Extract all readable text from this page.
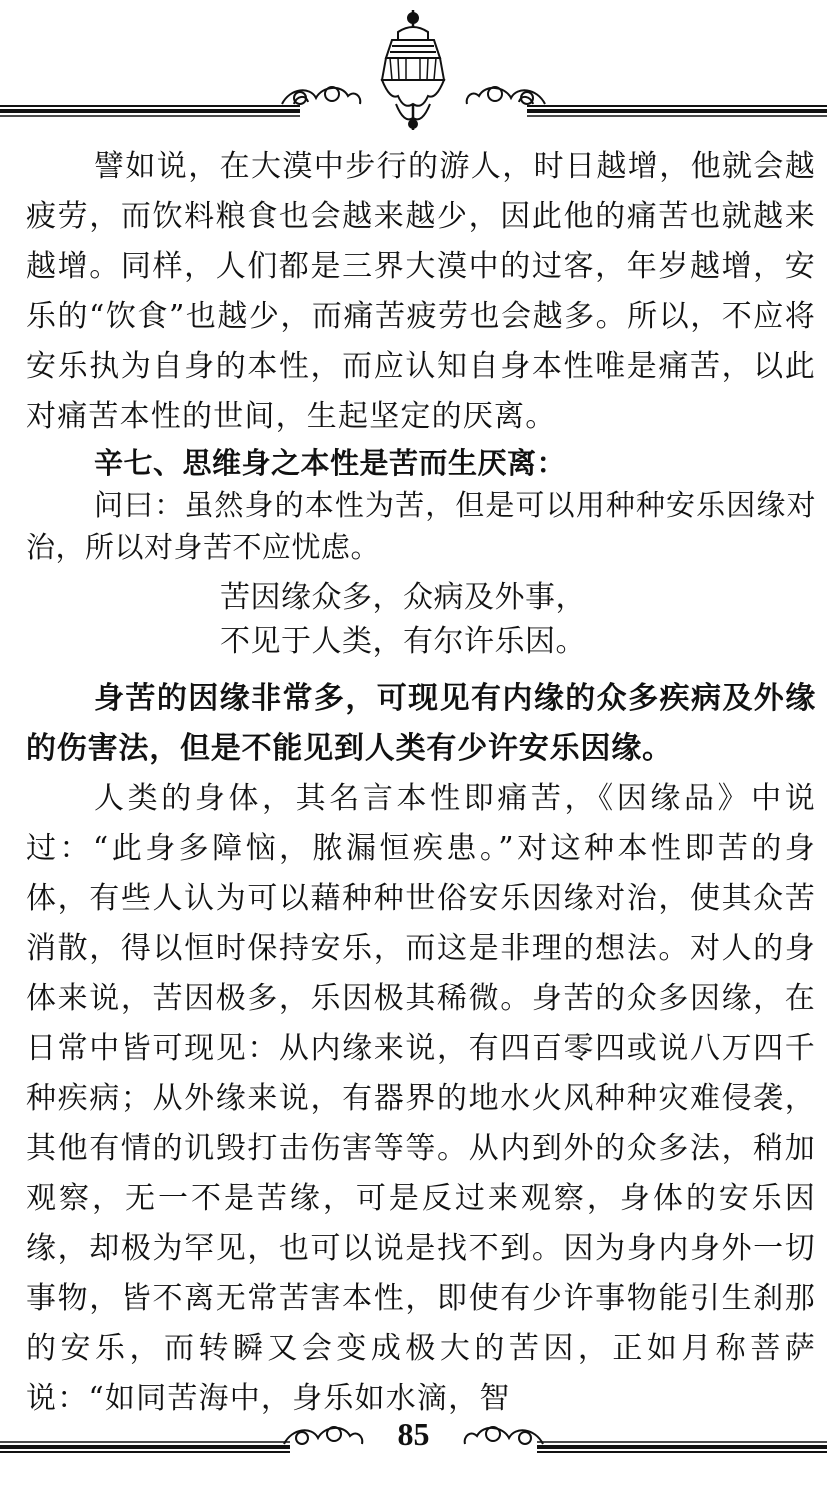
譬如说，在大漠中步行的游人，时日越增，他就会越疲劳，而饮料粮食也会越来越少，因此他的痛苦也就越来越增。同样，人们都是三界大漠中的过客，年岁越增，安乐的“饮食”也越少，而痛苦疲劳也会越多。所以，不应将安乐执为自身的本性，而应认知自身本性唯是痛苦，以此对痛苦本性的世间，生起坚定的厌离。

辛七、思维身之本性是苦而生厌离：

问曰：虽然身的本性为苦，但是可以用种种安乐因缘对治，所以对身苦不应忧虑。

苦因缘众多，众病及外事，

不见于人类，有尔许乐因。

身苦的因缘非常多，可现见有内缘的众多疾病及外缘的伤害法，但是不能见到人类有少许安乐因缘。

人类的身体，其名言本性即痛苦，《因缘品》中说过：“此身多障恼，脓漏恒疾患。”对这种本性即苦的身体，有些人认为可以藉种种世俗安乐因缘对治，使其众苦消散，得以恒时保持安乐，而这是非理的想法。对人的身体来说，苦因极多，乐因极其稀微。身苦的众多因缘，在日常中皆可现见：从内缘来说，有四百零四或说八万四千种疾病；从外缘来说，有器界的地水火风种种灾难侵袭，其他有情的讥毁打击伤害等等。从内到外的众多法，稍加观察，无一不是苦缘，可是反过来观察，身体的安乐因缘，却极为罕见，也可以说是找不到。因为身内身外一切事物，皆不离无常苦害本性，即使有少许事物能引生刹那的安乐，而转瞬又会变成极大的苦因，正如月称菩萨说：“如同苦海中，身乐如水滴，智

85
